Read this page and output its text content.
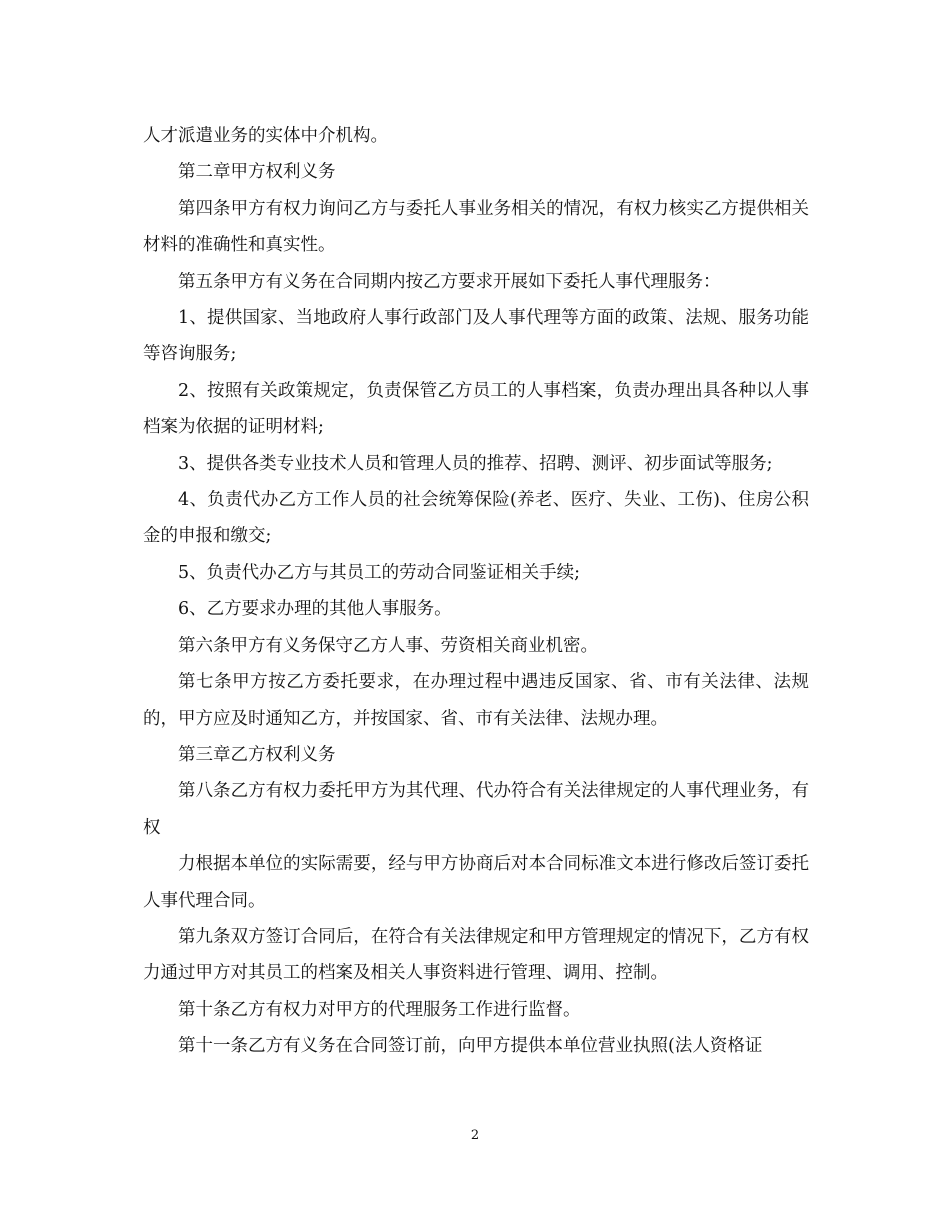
人才派遣业务的实体中介机构。

第二章甲方权利义务

第四条甲方有权力询问乙方与委托人事业务相关的情况，有权力核实乙方提供相关材料的准确性和真实性。

第五条甲方有义务在合同期内按乙方要求开展如下委托人事代理服务：

1、提供国家、当地政府人事行政部门及人事代理等方面的政策、法规、服务功能等咨询服务;

2、按照有关政策规定，负责保管乙方员工的人事档案，负责办理出具各种以人事档案为依据的证明材料;

3、提供各类专业技术人员和管理人员的推荐、招聘、测评、初步面试等服务;

4、负责代办乙方工作人员的社会统筹保险(养老、医疗、失业、工伤)、住房公积金的申报和缴交;

5、负责代办乙方与其员工的劳动合同鉴证相关手续;

6、乙方要求办理的其他人事服务。

第六条甲方有义务保守乙方人事、劳资相关商业机密。

第七条甲方按乙方委托要求，在办理过程中遇违反国家、省、市有关法律、法规的，甲方应及时通知乙方，并按国家、省、市有关法律、法规办理。

第三章乙方权利义务

第八条乙方有权力委托甲方为其代理、代办符合有关法律规定的人事代理业务，有权

力根据本单位的实际需要，经与甲方协商后对本合同标准文本进行修改后签订委托人事代理合同。

第九条双方签订合同后，在符合有关法律规定和甲方管理规定的情况下，乙方有权力通过甲方对其员工的档案及相关人事资料进行管理、调用、控制。

第十条乙方有权力对甲方的代理服务工作进行监督。

第十一条乙方有义务在合同签订前，向甲方提供本单位营业执照(法人资格证

2
